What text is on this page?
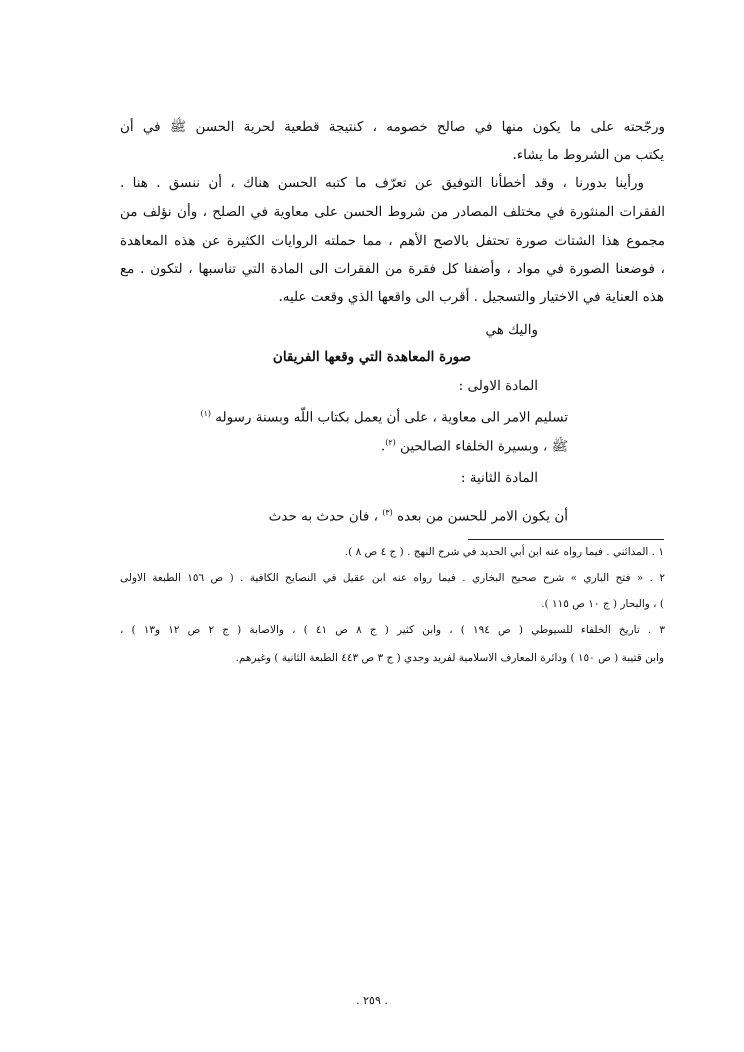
ورجّحته على ما يكون منها في صالح خصومه ، كنتيجة قطعية لحرية الحسن ﷺ في أن
يكتب من الشروط ما يشاء.
ورأينا بدورنا ، وقد أخطأنا التوفيق عن تعرّف ما كتبه الحسن هناك ، أن ننسق . هنا .
الفقرات المنثورة في مختلف المصادر من شروط الحسن على معاوية في الصلح ، وأن نؤلف من
مجموع هذا الشتات صورة تحتفل بالاصح الأهم ، مما حملته الروايات الكثيرة عن هذه المعاهدة
، فوضعنا الصورة في مواد ، وأضفنا كل فقرة من الفقرات الى المادة التي تناسبها ، لتكون . مع
هذه العناية في الاختيار والتسجيل . أقرب الى واقعها الذي وقعت عليه.
واليك هي
صورة المعاهدة التي وقعها الفريقان
المادة الاولى :
تسليم الامر الى معاوية ، على أن يعمل بكتاب اللّه وبسنة رسوله $^{(١)}$
ﷺ ، وبسيرة الخلفاء الصالحين $^{(٢)}$.
المادة الثانية :
أن يكون الامر للحسن من بعده $^{(٣)}$ ، فان حدث به حدث
١ . المدائني . فيما رواه عنه ابن أبي الحديد في شرح النهج . ( ج ٤ ص ٨ ).
٢ . « فتح الباري » شرح صحيح البخاري . فيما رواه عنه ابن عقيل في النصايح الكافية . ( ص ١٥٦ الطبعة الاولى
) ، والبحار ( ج ١٠ ص ١١٥ ).
٣ . تاريخ الخلفاء للسيوطي ( ص ١٩٤ ) ، وابن كثير ( ج ٨ ص ٤١ ) ، والاصابة ( ج ٢ ص ١٢ و١٣ ) ،
وابن قتيبة ( ص ١٥٠ ) ودائرة المعارف الاسلامية لفريد وجدي ( ج ٣ ص ٤٤٣ الطبعة الثانية ) وغيرهم.
. ٢٥٩ .
